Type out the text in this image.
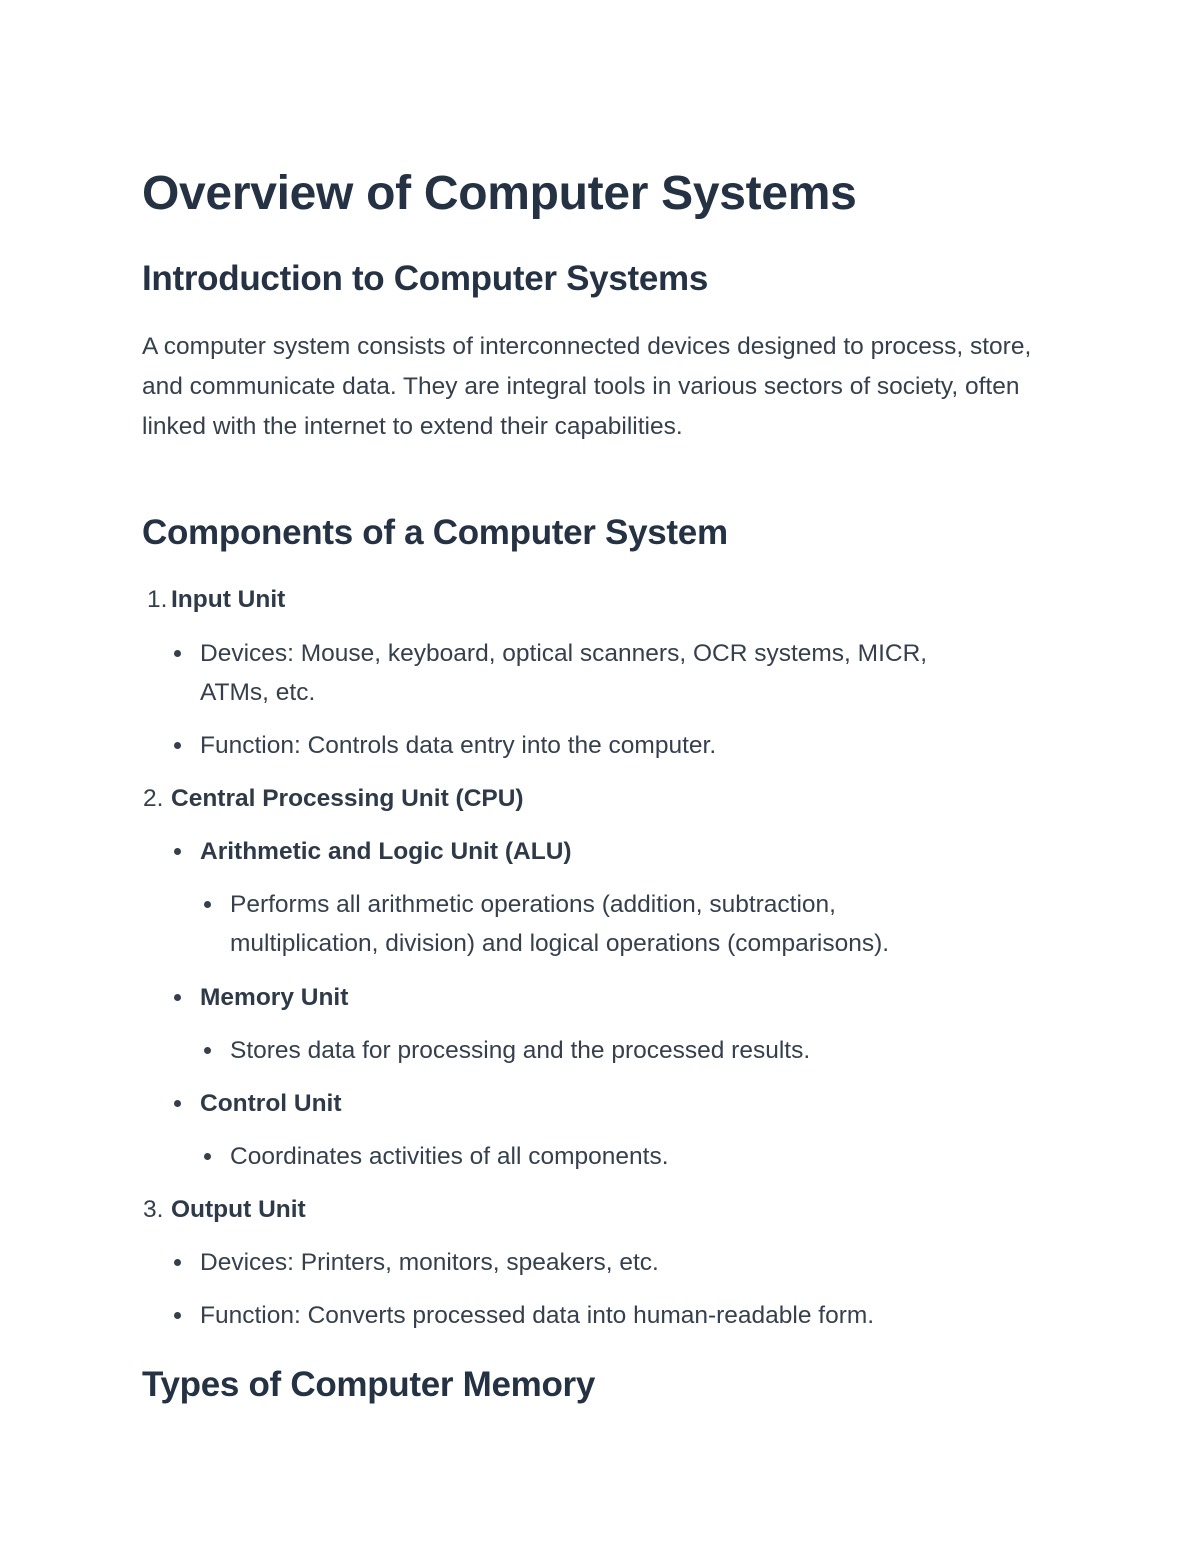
Overview of Computer Systems
Introduction to Computer Systems

A computer system consists of interconnected devices designed to process, store, and communicate data. They are integral tools in various sectors of society, often linked with the internet to extend their capabilities.

Components of a Computer System
1. Input Unit
Devices: Mouse, keyboard, optical scanners, OCR systems, MICR,
ATMs, etc.
Function: Controls data entry into the computer.
2. Central Processing Unit (CPU)
Arithmetic and Logic Unit (ALU)
Performs all arithmetic operations (addition, subtraction,
multiplication, division) and logical operations (comparisons).
Memory Unit
Stores data for processing and the processed results.
Control Unit
Coordinates activities of all components.
3. Output Unit
Devices: Printers, monitors, speakers, etc.
Function: Converts processed data into human-readable form.
Types of Computer Memory
